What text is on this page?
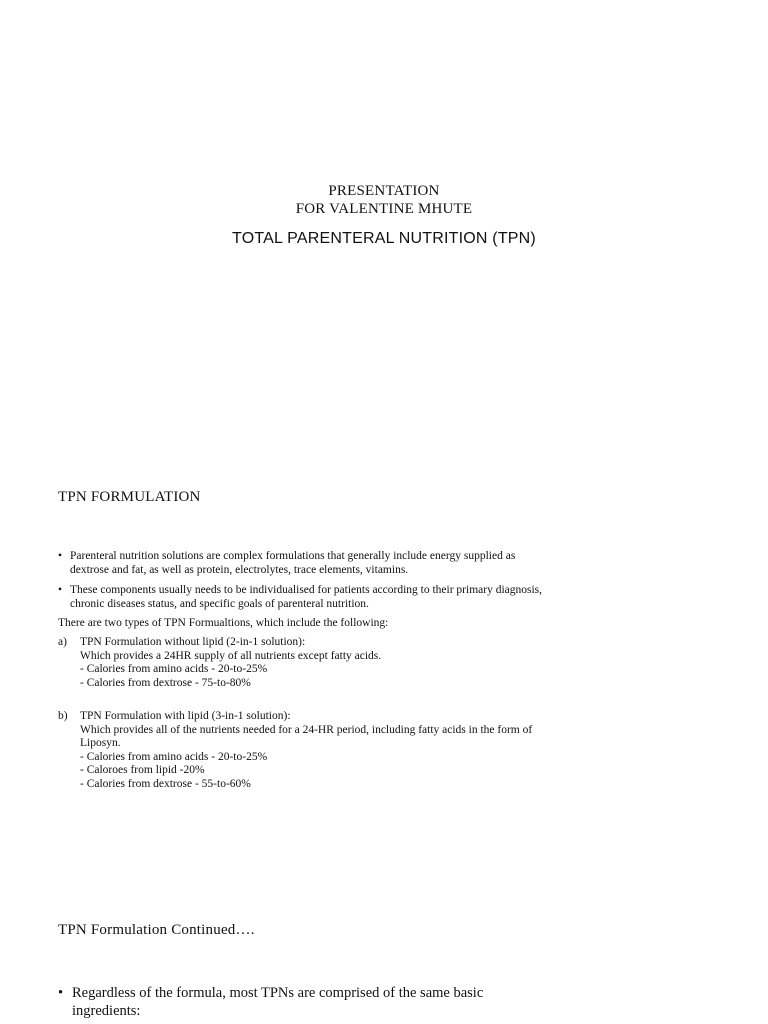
PRESENTATION
FOR VALENTINE MHUTE
TOTAL PARENTERAL NUTRITION (TPN)
TPN FORMULATION
• Parenteral nutrition solutions are complex formulations that generally include energy supplied as
dextrose and fat, as well as protein, electrolytes, trace elements, vitamins.
• These components usually needs to be individualised for patients according to their primary diagnosis,
chronic diseases status, and specific goals of parenteral nutrition.
There are two types of TPN Formualtions, which include the following:
a) TPN Formulation without lipid (2-in-1 solution):
Which provides a 24HR supply of all nutrients except fatty acids.
- Calories from amino acids - 20-to-25%
- Calories from dextrose - 75-to-80%
b) TPN Formulation with lipid (3-in-1 solution):
Which provides all of the nutrients needed for a 24-HR period, including fatty acids in the form of
Liposyn.
- Calories from amino acids - 20-to-25%
- Caloroes from lipid -20%
- Calories from dextrose - 55-to-60%
TPN Formulation Continued….
• Regardless of the formula, most TPNs are comprised of the same basic
ingredients:
